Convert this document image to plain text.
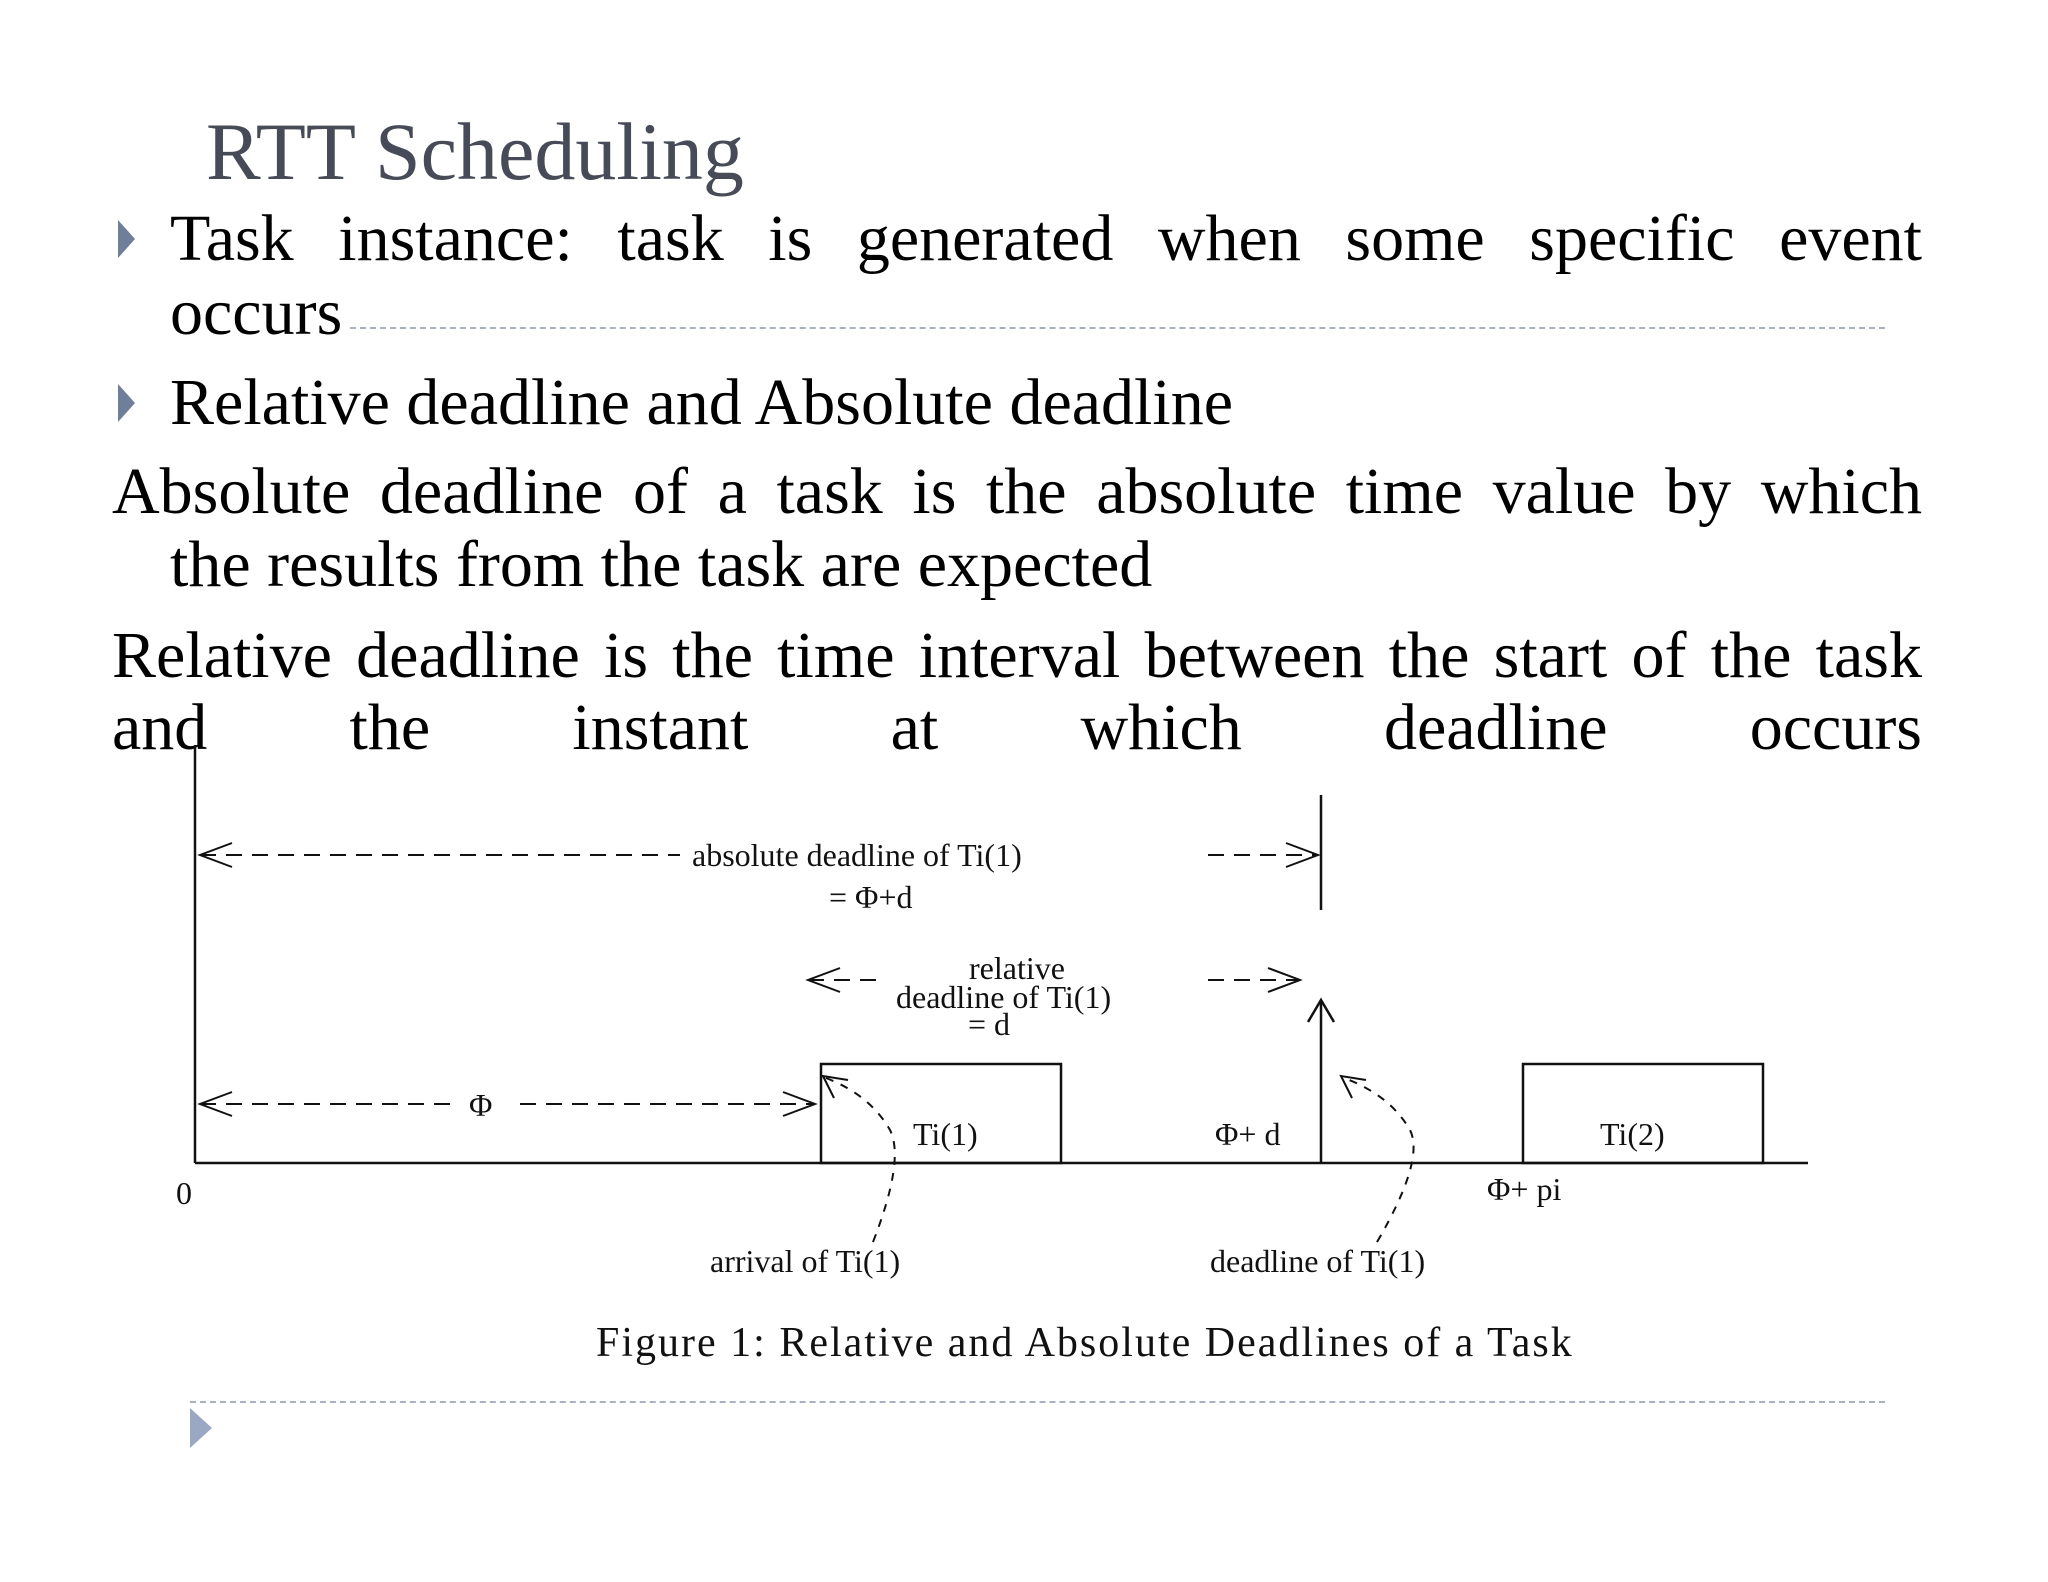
RTT Scheduling
Task instance: task is generated when some specific event
occurs
Relative deadline and Absolute deadline
Absolute deadline of a task is the absolute time value by which
the results from the task are expected
Relative deadline is the time interval between the start of the task
and the instant at which deadline occurs
absolute deadline of Ti(1)
= Φ+d
relative
deadline of Ti(1)
= d
Φ
Ti(1)	Φ+ d	Ti(2)
0	Φ+ pi
arrival of Ti(1)	deadline of Ti(1)
Figure 1: Relative and Absolute Deadlines of a Task
